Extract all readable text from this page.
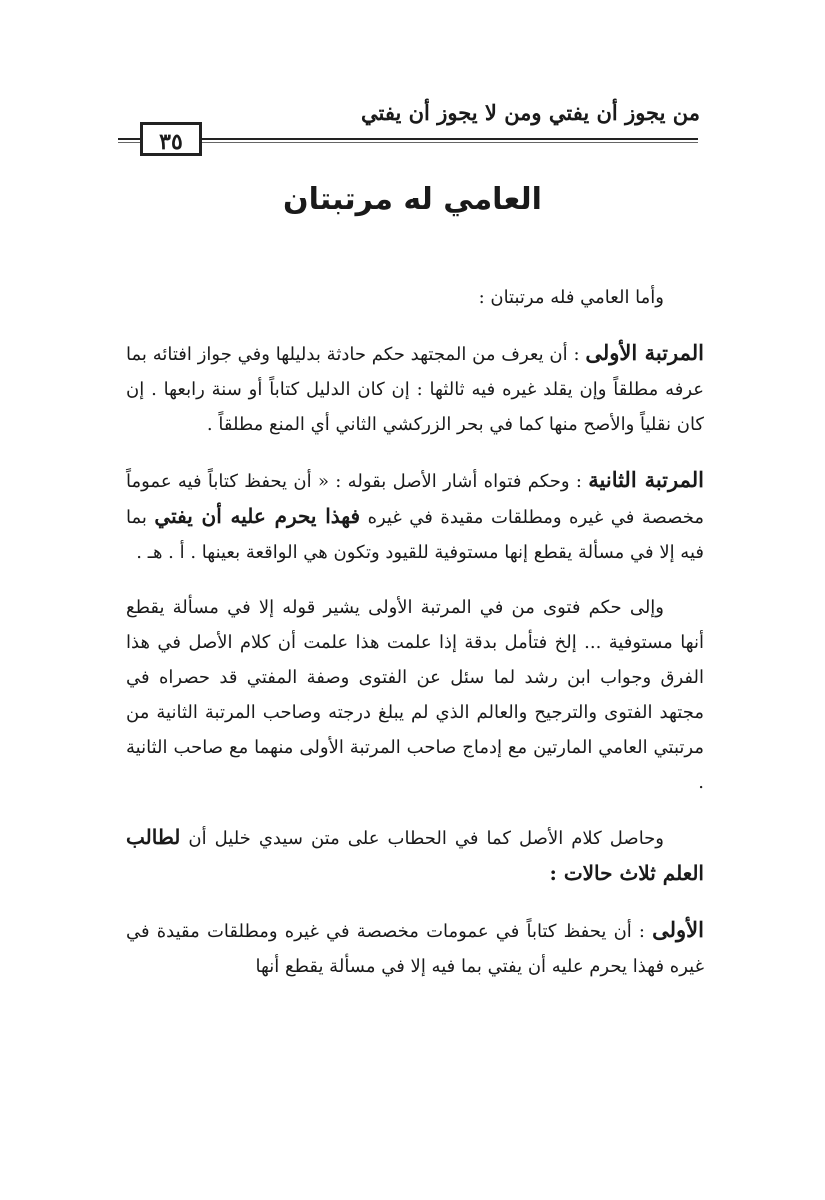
من يجوز أن يفتي ومن لا يجوز أن يفتي
٣٥
العامي له مرتبتان

وأما العامي فله مرتبتان :

المرتبة الأولى : أن يعرف من المجتهد حكم حادثة بدليلها وفي جواز افتائه بما عرفه مطلقاً وإن يقلد غيره فيه ثالثها : إن كان الدليل كتاباً أو سنة رابعها . إن كان نقلياً والأصح منها كما في بحر الزركشي الثاني أي المنع مطلقاً .

المرتبة الثانية : وحكم فتواه أشار الأصل بقوله : « أن يحفظ كتاباً فيه عموماً مخصصة في غيره ومطلقات مقيدة في غيره فهذا يحرم عليه أن يفتي بما فيه إلا في مسألة يقطع إنها مستوفية للقيود وتكون هي الواقعة بعينها . أ . هـ .

وإلى حكم فتوى من في المرتبة الأولى يشير قوله إلا في مسألة يقطع أنها مستوفية ... إلخ فتأمل بدقة إذا علمت هذا علمت أن كلام الأصل في هذا الفرق وجواب ابن رشد لما سئل عن الفتوى وصفة المفتي قد حصراه في مجتهد الفتوى والترجيح والعالم الذي لم يبلغ درجته وصاحب المرتبة الثانية من مرتبتي العامي المارتين مع إدماج صاحب المرتبة الأولى منهما مع صاحب الثانية .

وحاصل كلام الأصل كما في الحطاب على متن سيدي خليل أن لطالب العلم ثلاث حالات :

الأولى : أن يحفظ كتاباً في عمومات مخصصة في غيره ومطلقات مقيدة في غيره فهذا يحرم عليه أن يفتي بما فيه إلا في مسألة يقطع أنها
